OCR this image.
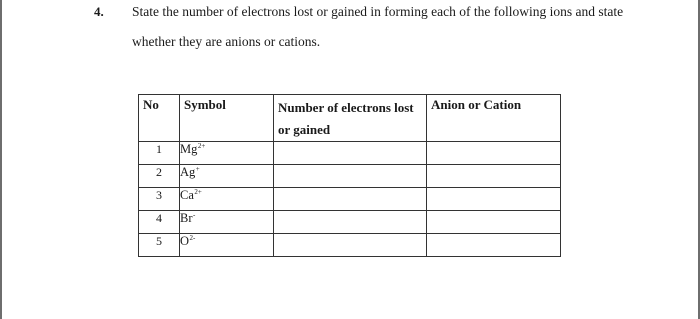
4. State the number of electrons lost or gained in forming each of the following ions and state
whether they are anions or cations.
No	Symbol	Number of electrons lost or gained	Anion or Cation
1	$Mg^{2+}$		
2	Ag+		
3	$Ca^{2+}$		
4	Br-		
5	$O^{2-}$		
